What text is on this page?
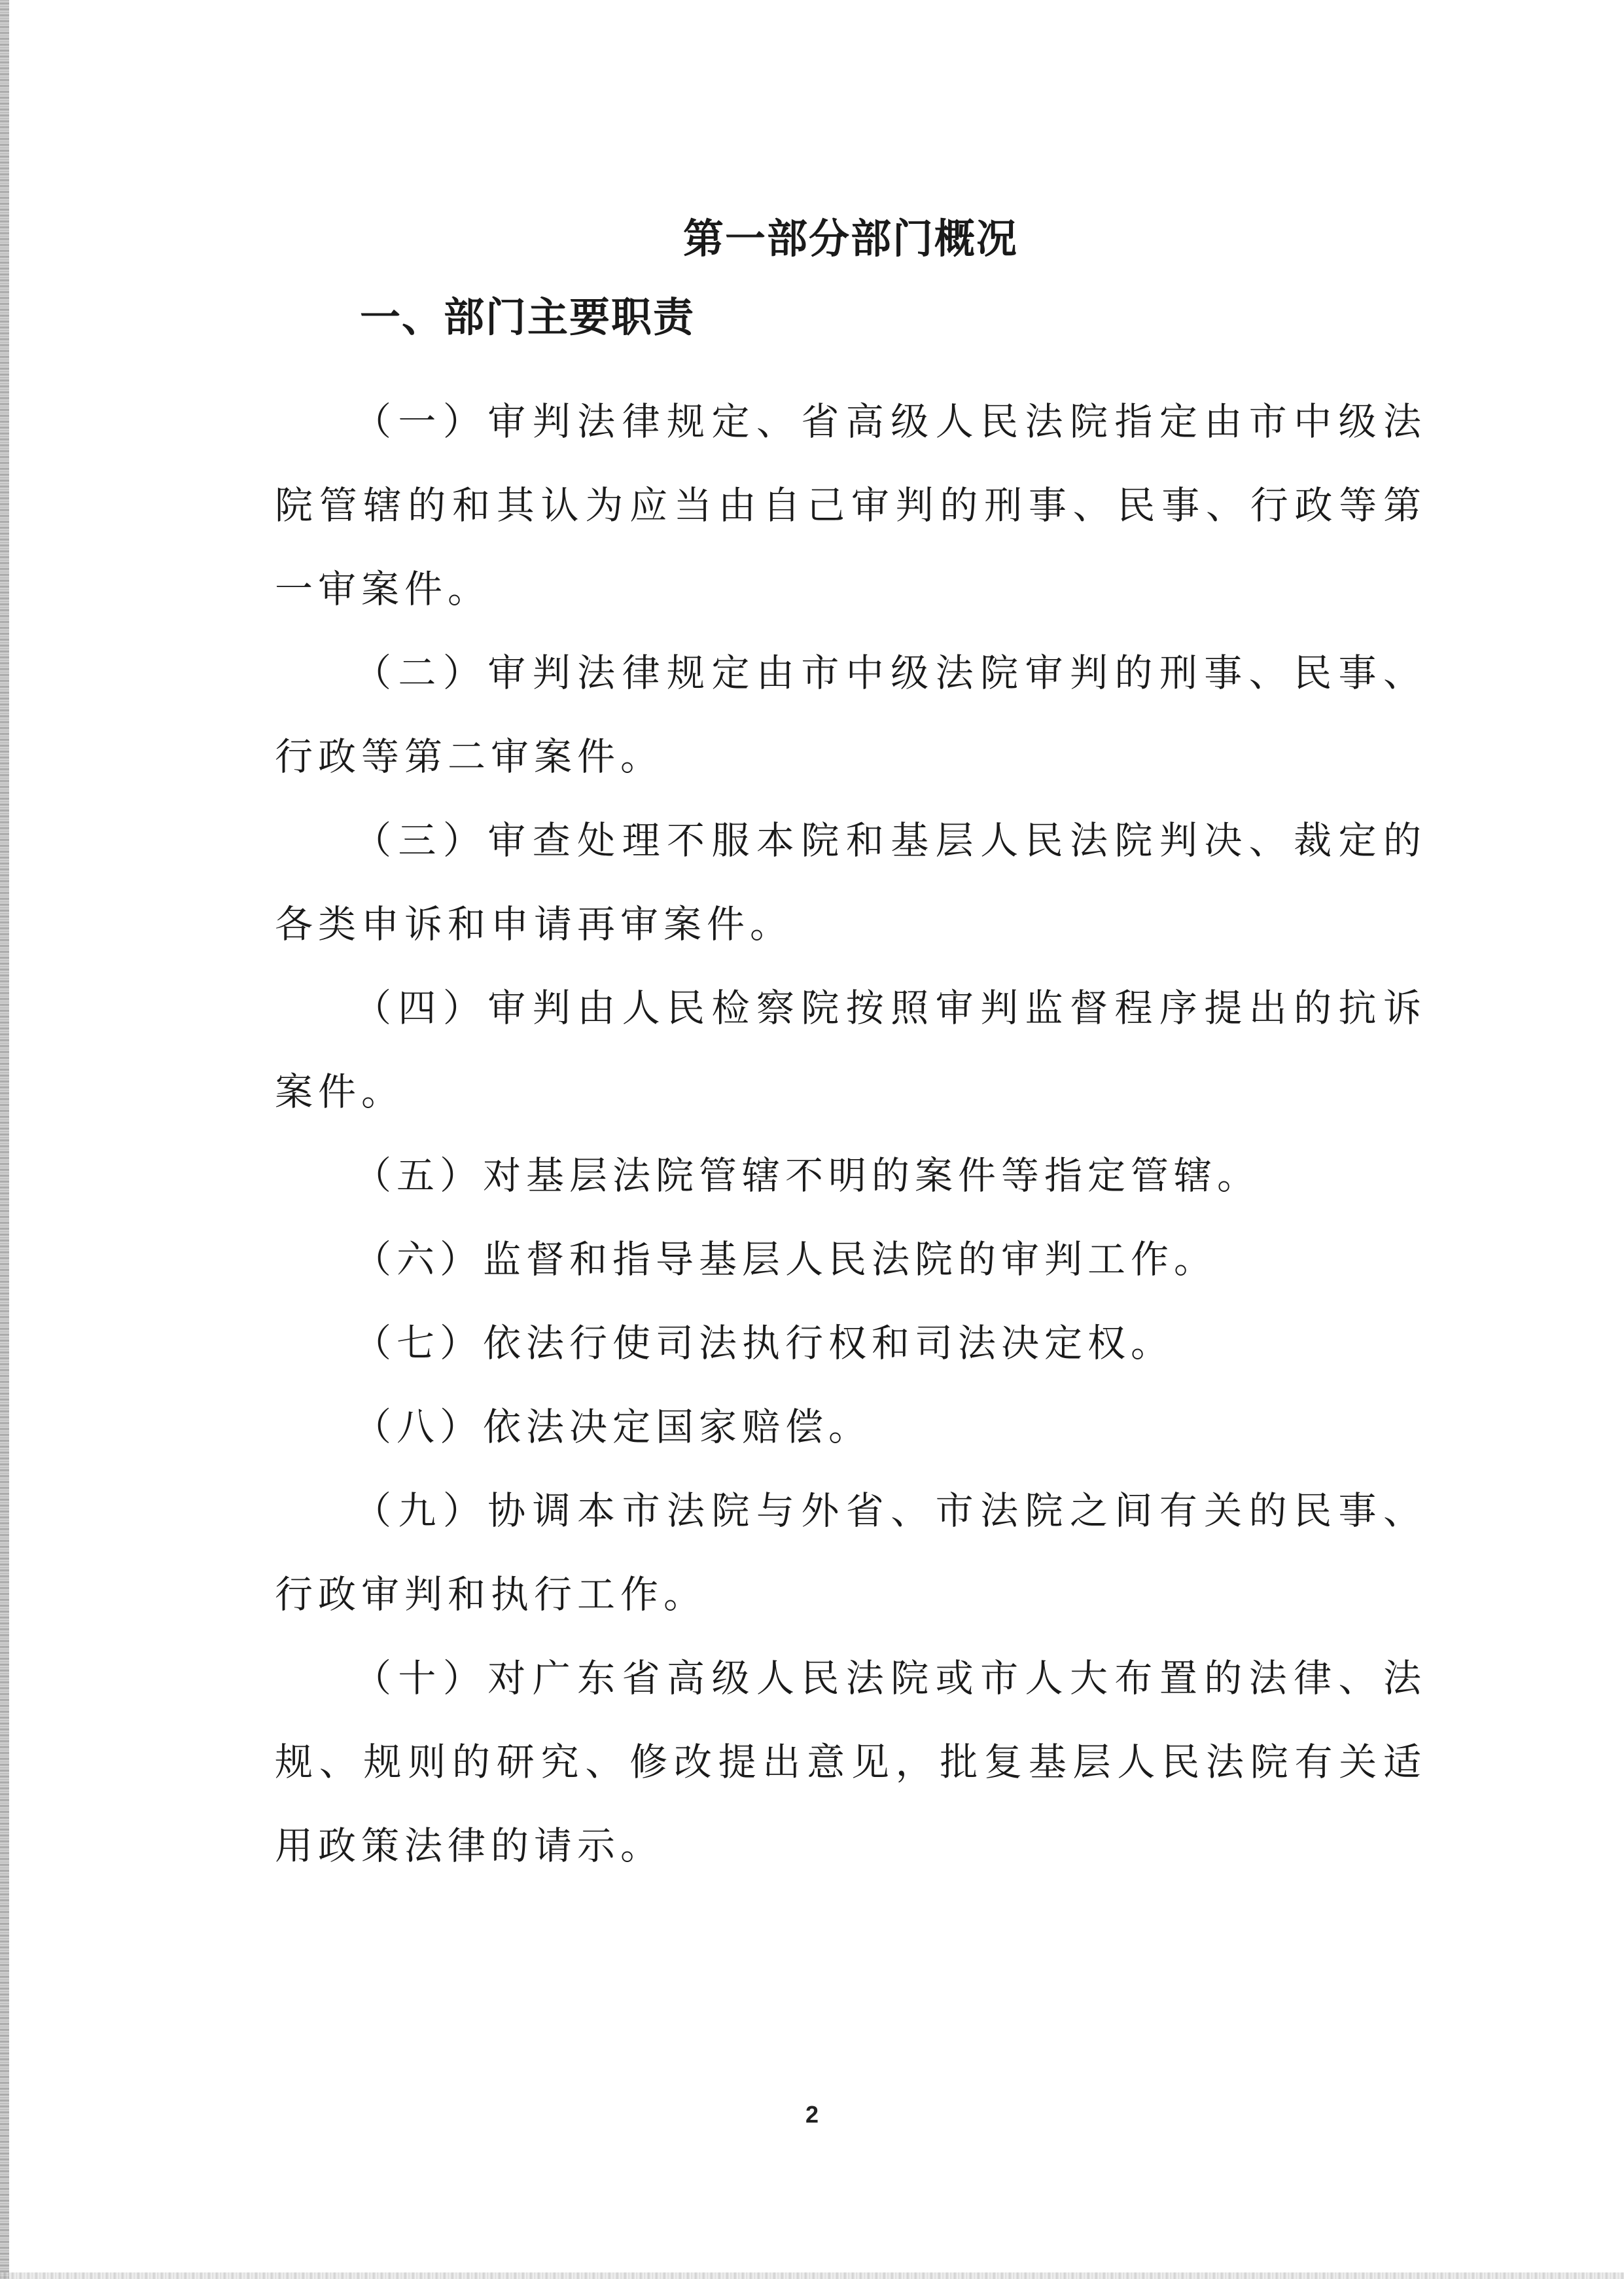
第一部分部门概况
一、部门主要职责

（一）审判法律规定、省高级人民法院指定由市中级法院管辖的和其认为应当由自己审判的刑事、民事、行政等第一审案件。

（二）审判法律规定由市中级法院审判的刑事、民事、行政等第二审案件。

（三）审查处理不服本院和基层人民法院判决、裁定的各类申诉和申请再审案件。

（四）审判由人民检察院按照审判监督程序提出的抗诉案件。

（五）对基层法院管辖不明的案件等指定管辖。

（六）监督和指导基层人民法院的审判工作。

（七）依法行使司法执行权和司法决定权。

（八）依法决定国家赔偿。

（九）协调本市法院与外省、市法院之间有关的民事、行政审判和执行工作。

（十）对广东省高级人民法院或市人大布置的法律、法规、规则的研究、修改提出意见，批复基层人民法院有关适用政策法律的请示。

2
